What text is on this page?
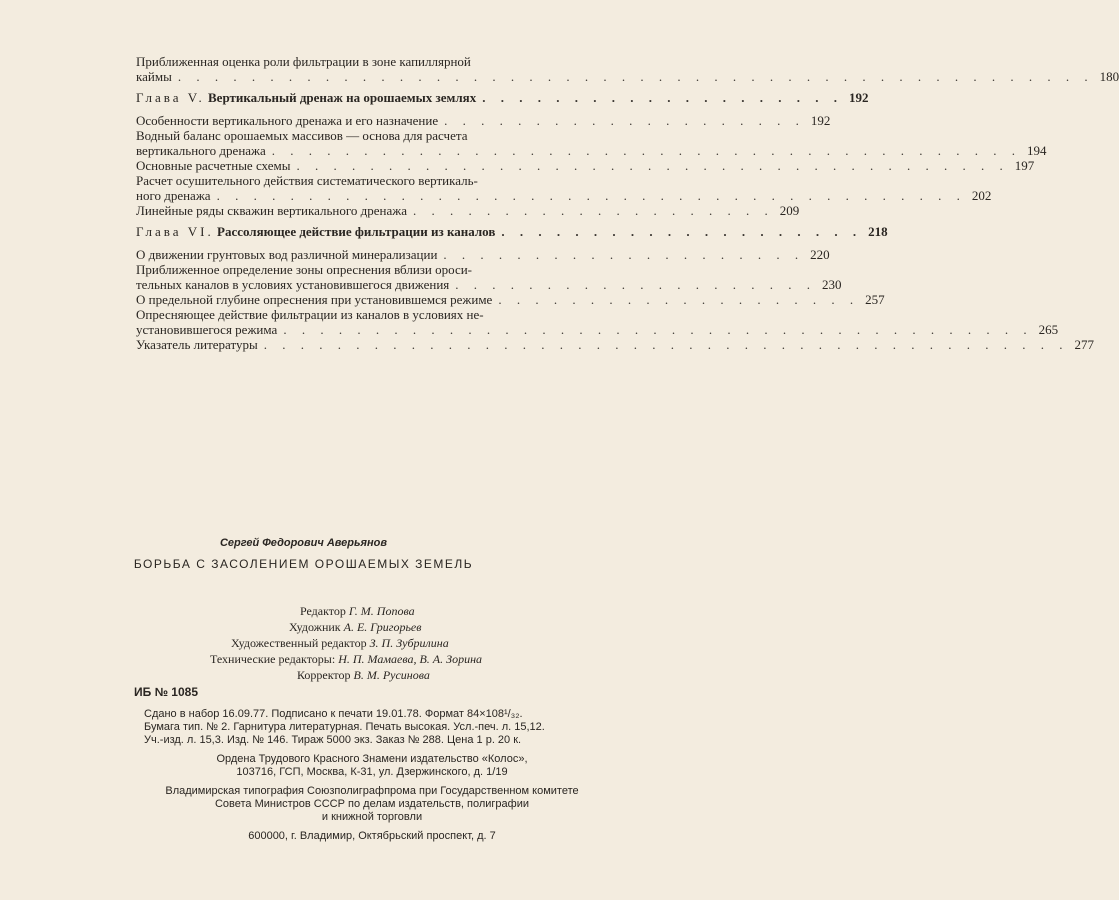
Приближенная оценка роли фильтрации в зоне капиллярной
каймы . . . . . . . . . . . . . . . . . . . . . . . . . . . . . . . . . . . . . . . . . . . . . . . . . . 180
Глава V. Вертикальный дренаж на орошаемых землях . . . . . . . . . . . . . . . . . . . . 192
Особенности вертикального дренажа и его назначение . . . . . . . . . . . . . . . . . . . . 192
Водный баланс орошаемых массивов — основа для расчета
вертикального дренажа . . . . . . . . . . . . . . . . . . . . . . . . . . . . . . . . . . . . . . . . . 194
Основные расчетные схемы . . . . . . . . . . . . . . . . . . . . . . . . . . . . . . . . . . . . . . . 197
Расчет осушительного действия систематического вертикаль-
ного дренажа . . . . . . . . . . . . . . . . . . . . . . . . . . . . . . . . . . . . . . . . . 202
Линейные ряды скважин вертикального дренажа . . . . . . . . . . . . . . . . . . . . 209
Глава VI. Рассоляющее действие фильтрации из каналов . . . . . . . . . . . . . . . . . . . . 218
О движении грунтовых вод различной минерализации . . . . . . . . . . . . . . . . . . . . 220
Приближенное определение зоны опреснения вблизи ороси-
тельных каналов в условиях установившегося движения . . . . . . . . . . . . . . . . . . . . 230
О предельной глубине опреснения при установившемся режиме . . . . . . . . . . . . . . . . . . . . 257
Опресняющее действие фильтрации из каналов в условиях не-
установившегося режима . . . . . . . . . . . . . . . . . . . . . . . . . . . . . . . . . . . . . . . . . 265
Указатель литературы . . . . . . . . . . . . . . . . . . . . . . . . . . . . . . . . . . . . . . . . . . . . 277
Сергей Федорович Аверьянов
БОРЬБА С ЗАСОЛЕНИЕМ ОРОШАЕМЫХ ЗЕМЕЛЬ
Редактор Г. М. Попова
Художник А. Е. Григорьев
Художественный редактор З. П. Зубрилина
Технические редакторы: Н. П. Мамаева, В. А. Зорина
Корректор В. М. Русинова
ИБ № 1085
Сдано в набор 16.09.77. Подписано к печати 19.01.78. Формат 84×108¹/₃₂.
Бумага тип. № 2. Гарнитура литературная. Печать высокая. Усл.-печ. л. 15,12.
Уч.-изд. л. 15,3. Изд. № 146. Тираж 5000 экз. Заказ № 288. Цена 1 р. 20 к.
Ордена Трудового Красного Знамени издательство «Колос»,
103716, ГСП, Москва, К-31, ул. Дзержинского, д. 1/19
Владимирская типография Союзполиграфпрома при Государственном комитете
Совета Министров СССР по делам издательств, полиграфии
и книжной торговли
600000, г. Владимир, Октябрьский проспект, д. 7
